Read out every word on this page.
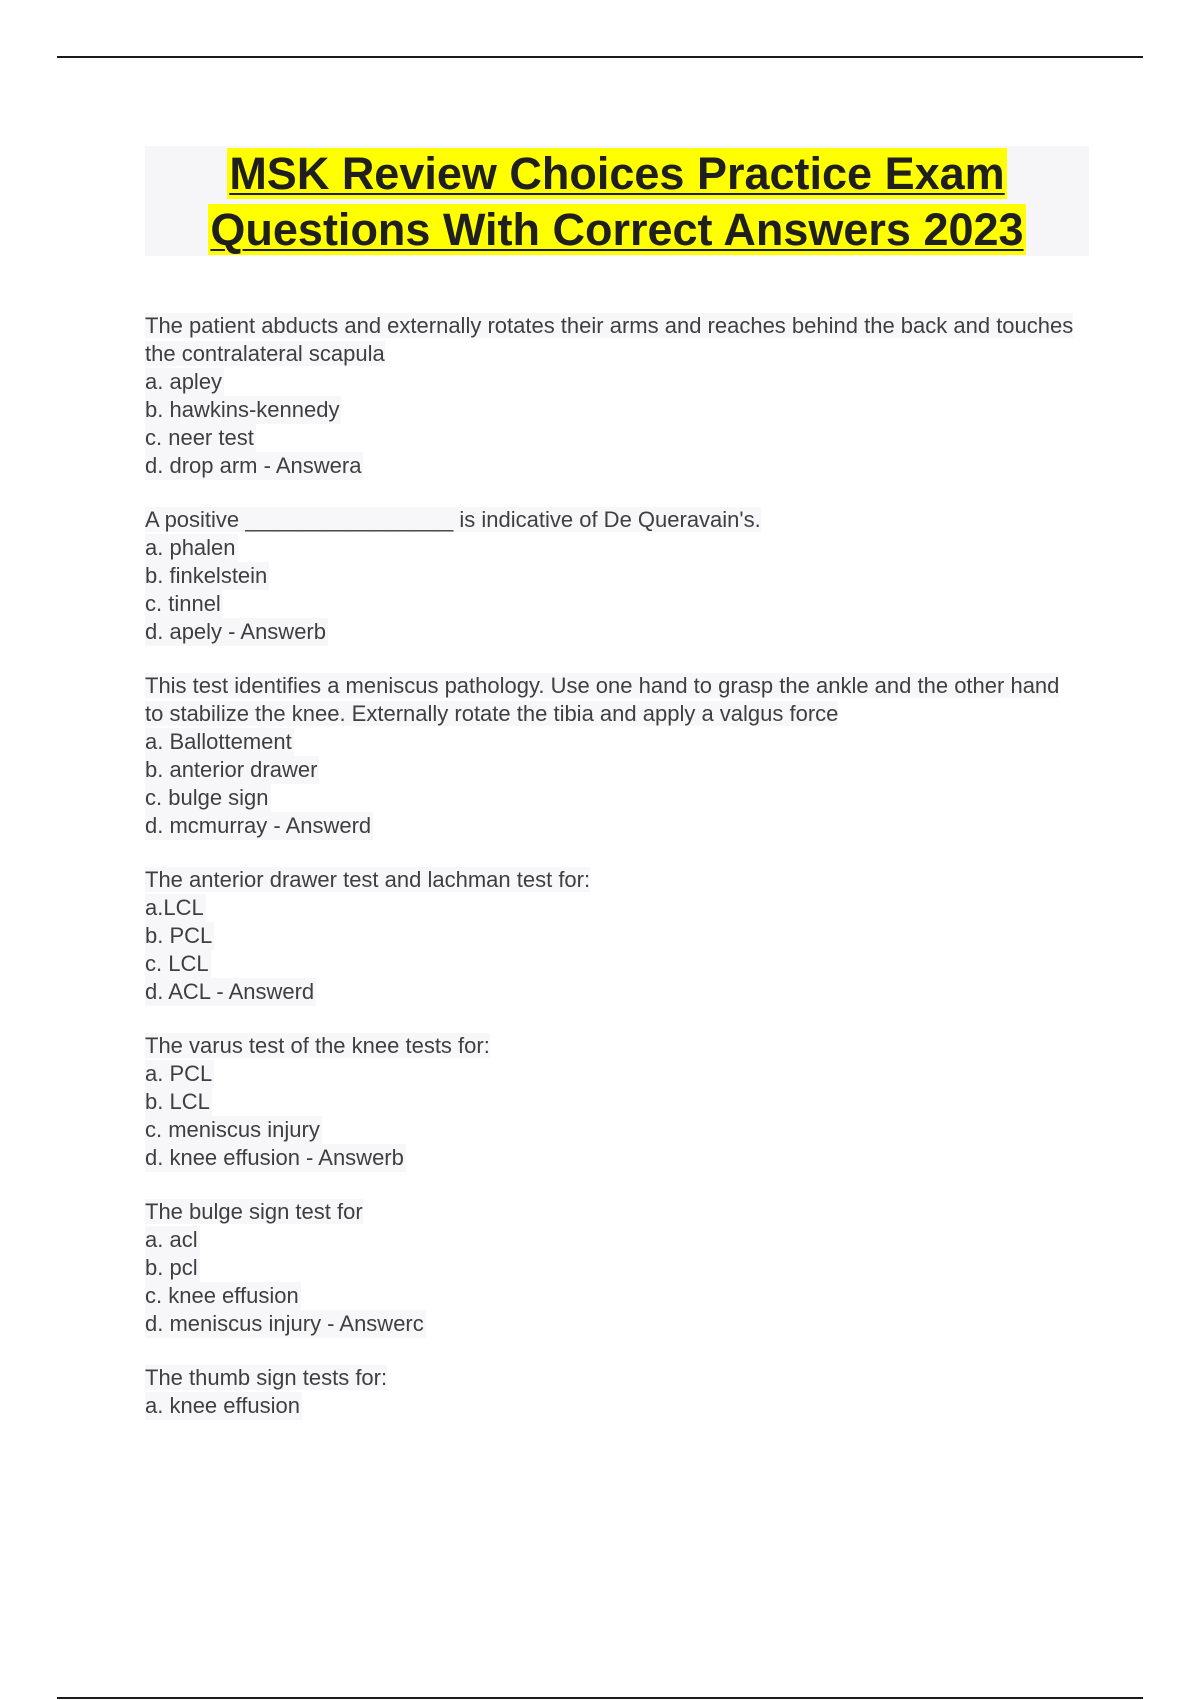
MSK Review Choices Practice Exam
Questions With Correct Answers 2023
The patient abducts and externally rotates their arms and reaches behind the back and touches the contralateral scapula
a. apley
b. hawkins-kennedy
c. neer test
d. drop arm - Answera
A positive _________________ is indicative of De Queravain's.
a. phalen
b. finkelstein
c. tinnel
d. apely - Answerb
This test identifies a meniscus pathology. Use one hand to grasp the ankle and the other hand to stabilize the knee. Externally rotate the tibia and apply a valgus force
a. Ballottement
b. anterior drawer
c. bulge sign
d. mcmurray - Answerd
The anterior drawer test and lachman test for:
a.LCL
b. PCL
c. LCL
d. ACL - Answerd
The varus test of the knee tests for:
a. PCL
b. LCL
c. meniscus injury
d. knee effusion - Answerb
The bulge sign test for
a. acl
b. pcl
c. knee effusion
d. meniscus injury - Answerc
The thumb sign tests for:
a. knee effusion
